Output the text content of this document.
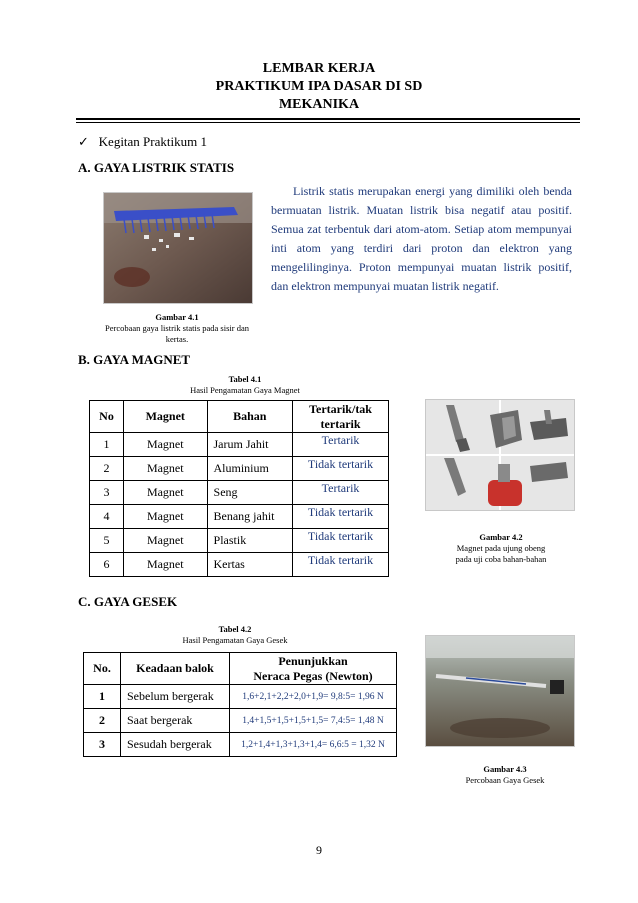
LEMBAR KERJA
PRAKTIKUM IPA DASAR DI SD
MEKANIKA
✓ Kegitan Praktikum 1
A. GAYA LISTRIK STATIS
Gambar 4.1
Percobaan gaya listrik statis pada sisir dan
kertas.
Listrik statis merupakan energi yang dimiliki oleh benda bermuatan listrik. Muatan listrik bisa negatif atau positif. Semua zat terbentuk dari atom-atom. Setiap atom mempunyai inti atom yang terdiri dari proton dan elektron yang mengelilinginya. Proton mempunyai muatan listrik positif, dan elektron mempunyai muatan listrik negatif.
B. GAYA MAGNET
Tabel 4.1
Hasil Pengamatan Gaya Magnet
No	Magnet	Bahan	Tertarik/tak tertarik
1	Magnet	Jarum Jahit	Tertarik
2	Magnet	Aluminium	Tidak tertarik
3	Magnet	Seng	Tertarik
4	Magnet	Benang jahit	Tidak tertarik
5	Magnet	Plastik	Tidak tertarik
6	Magnet	Kertas	Tidak tertarik
Gambar 4.2
Magnet pada ujung obeng
pada uji coba bahan-bahan
C. GAYA GESEK
Tabel 4.2
Hasil Pengamatan Gaya Gesek
No.	Keadaan balok	Penunjukkan
Neraca Pegas (Newton)

1	Sebelum bergerak	1,6+2,1+2,2+2,0+1,9= 9,8:5= 1,96 N
2	Saat bergerak	1,4+1,5+1,5+1,5+1,5= 7,4:5= 1,48 N
3	Sesudah bergerak	1,2+1,4+1,3+1,3+1,4= 6,6:5 = 1,32 N
Gambar 4.3
Percobaan Gaya Gesek
9
